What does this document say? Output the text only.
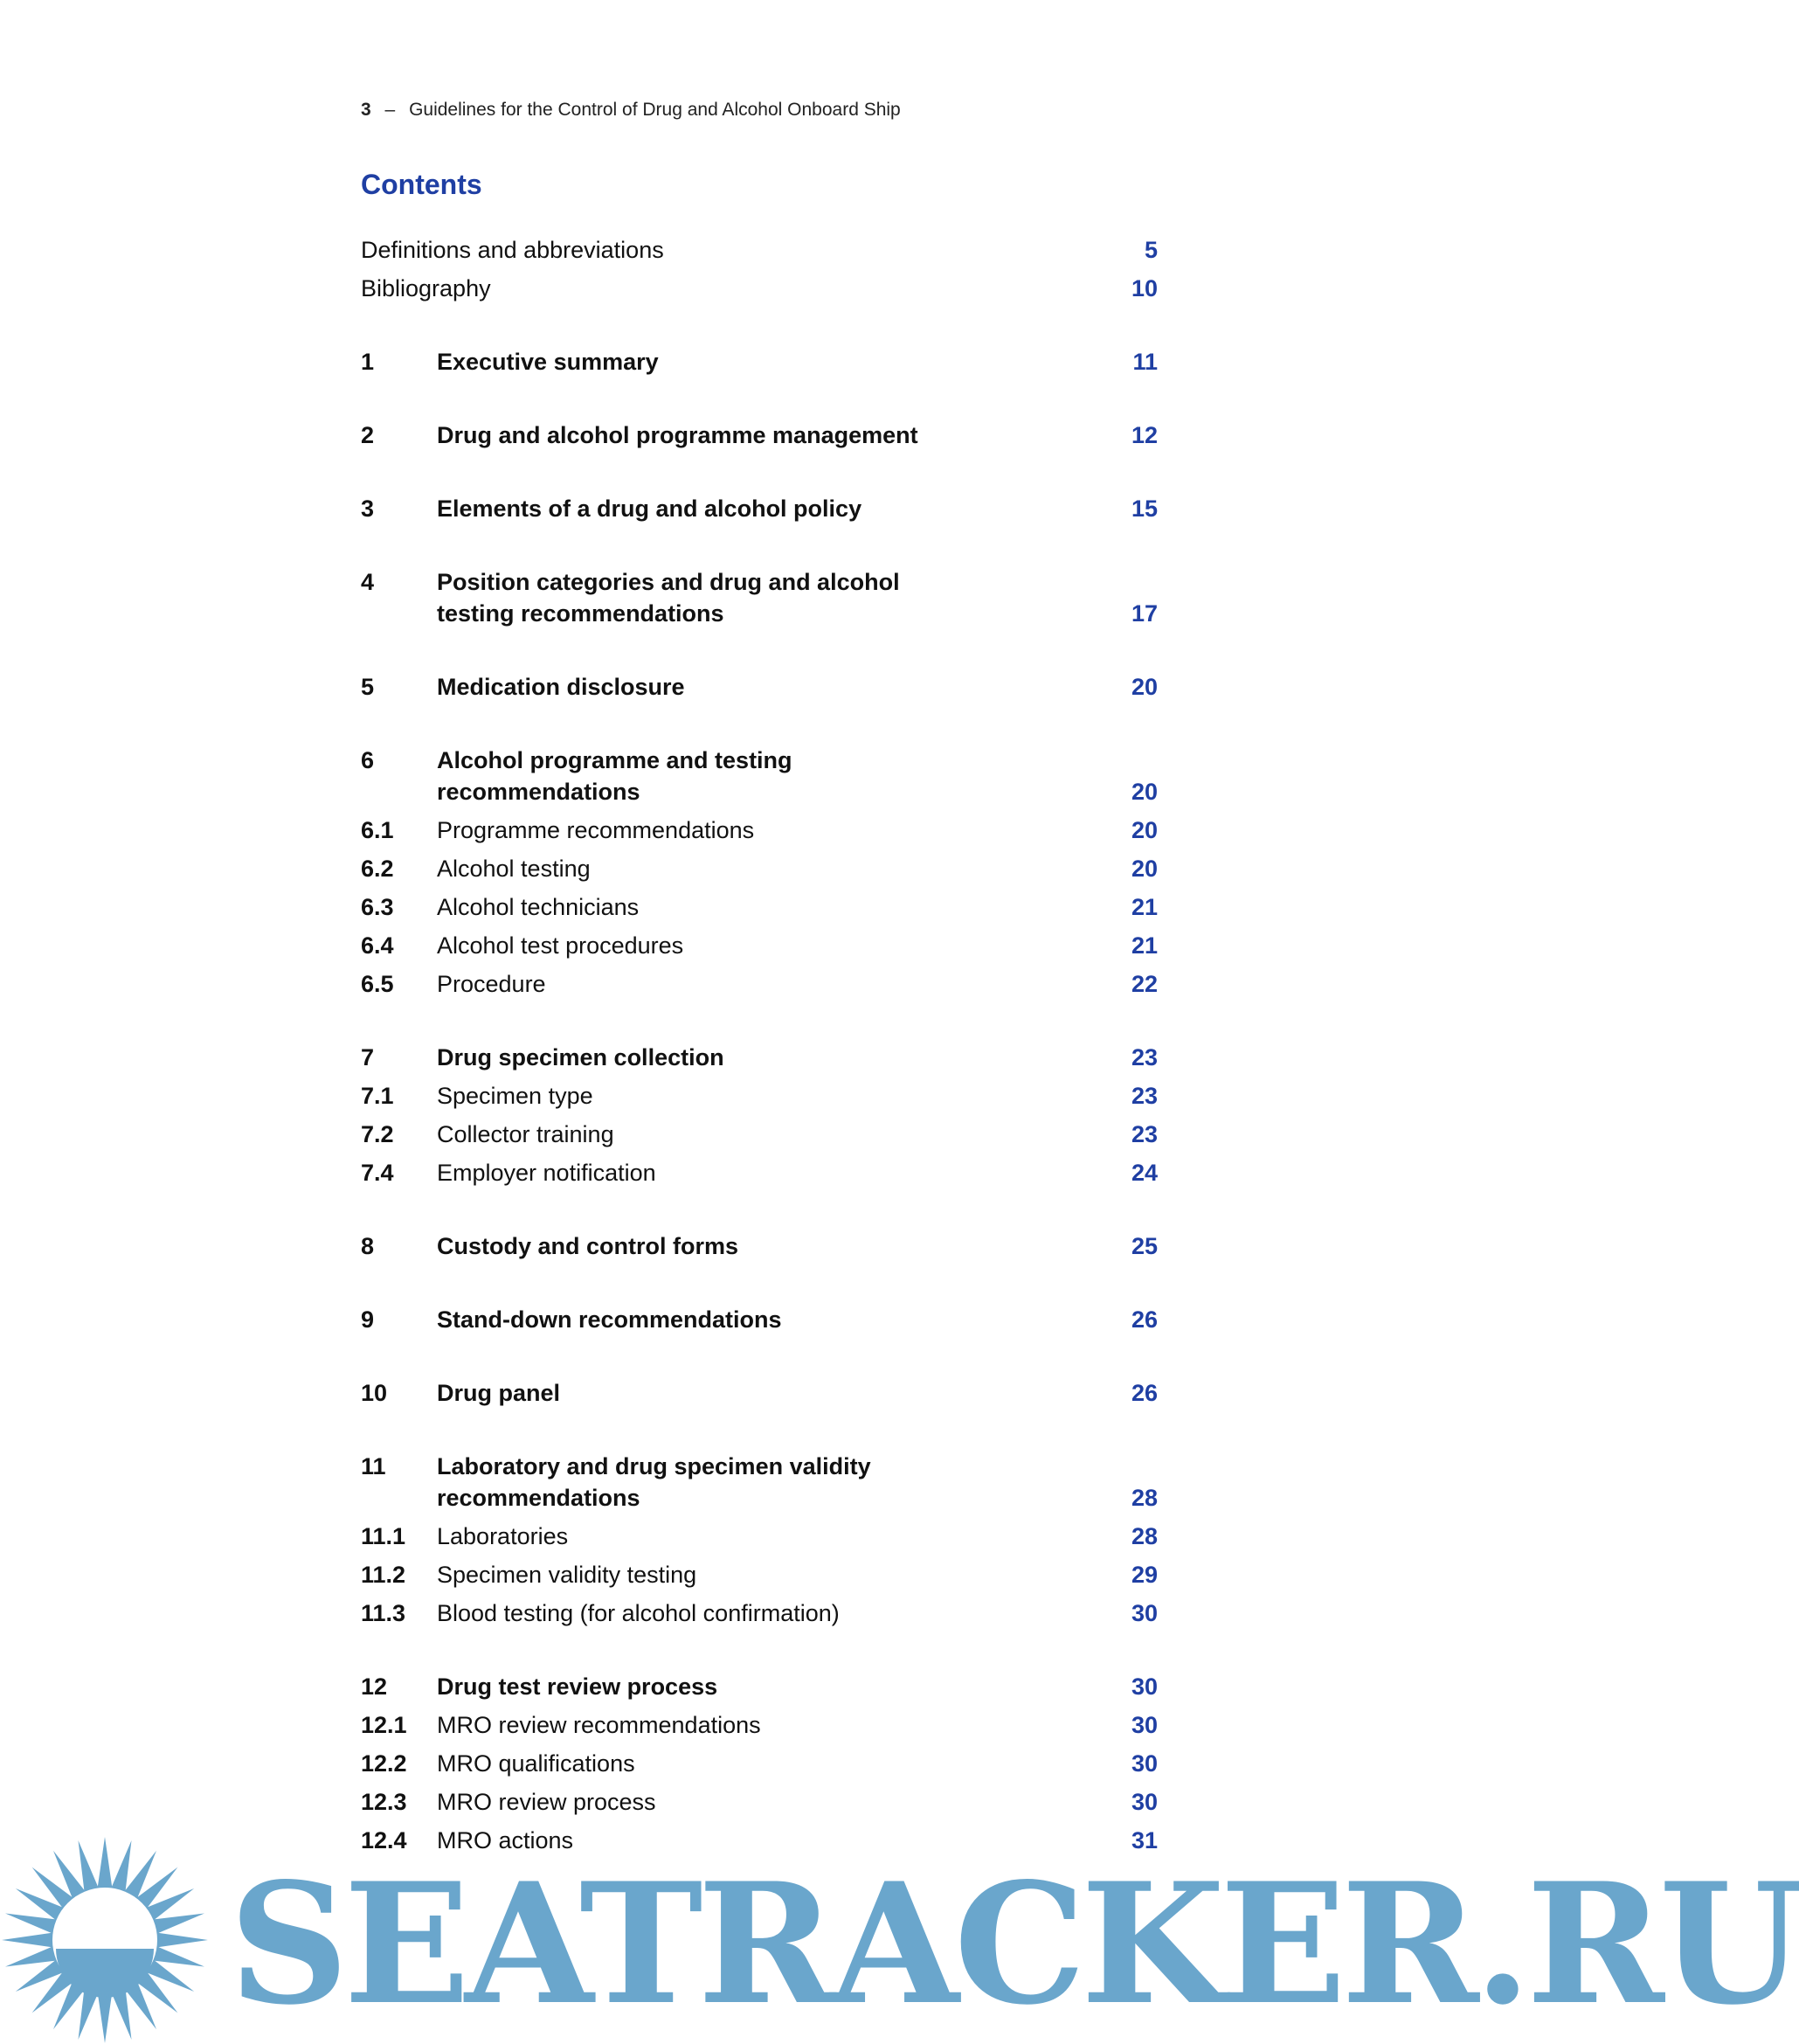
3 – Guidelines for the Control of Drug and Alcohol Onboard Ship
Contents
Definitions and abbreviations	5
Bibliography	10
1	Executive summary	11
2	Drug and alcohol programme management	12
3	Elements of a drug and alcohol policy	15
4	Position categories and drug and alcohol testing recommendations	17
5	Medication disclosure	20
6	Alcohol programme and testing recommendations	20
6.1	Programme recommendations	20
6.2	Alcohol testing	20
6.3	Alcohol technicians	21
6.4	Alcohol test procedures	21
6.5	Procedure	22
7	Drug specimen collection	23
7.1	Specimen type	23
7.2	Collector training	23
7.4	Employer notification	24
8	Custody and control forms	25
9	Stand-down recommendations	26
10	Drug panel	26
11	Laboratory and drug specimen validity recommendations	28
11.1	Laboratories	28
11.2	Specimen validity testing	29
11.3	Blood testing (for alcohol confirmation)	30
12	Drug test review process	30
12.1	MRO review recommendations	30
12.2	MRO qualifications	30
12.3	MRO review process	30
12.4	MRO actions	31
SEATRACKER.RU
